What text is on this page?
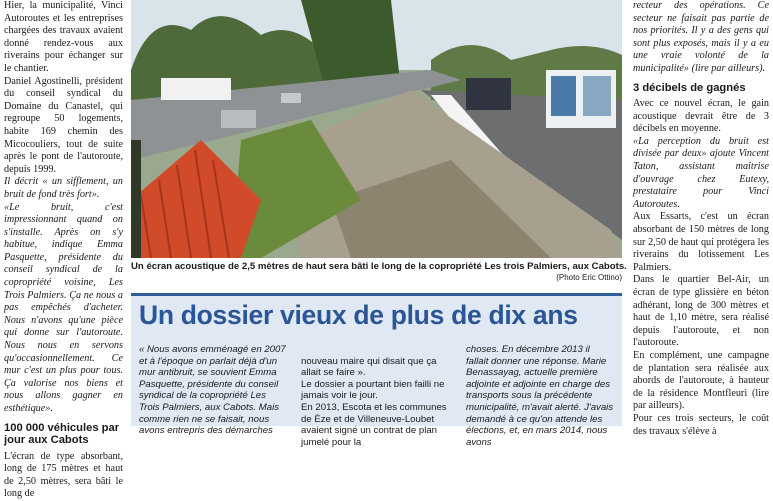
Hier, la municipalité, Vinci Autoroutes et les entreprises chargées des travaux avaient donné rendez-vous aux riverains pour échanger sur le chantier.

Daniel Agostinelli, président du conseil syndical du Domaine du Canastel, qui regroupe 50 logements, habite 169 chemin des Micocouliers, tout de suite après le pont de l'autoroute, depuis 1999.

Il décrit « un sifflement, un bruit de fond très fort».

«Le bruit, c'est impressionnant quand on s'installe. Après on s'y habitue, indique Emma Pasquette, présidente du conseil syndical de la copropriété voisine, Les Trois Palmiers. Ça ne nous a pas empêchés d'acheter. Nous n'avons qu'une pièce qui donne sur l'autoroute. Nous nous en servons qu'occasionnellement. Ce mur c'est un plus pour tous. Ça valorise nos biens et nous allons gagner en esthétique».

100 000 véhicules par jour aux Cabots

L'écran de type absorbant, long de 175 mètres et haut de 2,50 mètres, sera bâti le long de

Un écran acoustique de 2,5 mètres de haut sera bâti le long de la copropriété Les trois Palmiers, aux Cabots.
(Photo Eric Ottino)
Un dossier vieux de plus de dix ans

« Nous avons emménagé en 2007 et à l'époque on parlait déjà d'un mur antibruit, se souvient Emma Pasquette, présidente du conseil syndical de la copropriété Les Trois Palmiers, aux Cabots. Mais comme rien ne se faisait, nous avons entrepris des démarches

nouveau maire qui disait que ça allait se faire ».
Le dossier a pourtant bien failli ne jamais voir le jour.
En 2013, Escota et les communes de Èze et de Villeneuve-Loubet avaient signé un contrat de plan jumelé pour la

choses. En décembre 2013 il fallait donner une réponse. Marie Benassayag, actuelle première adjointe et adjointe en charge des transports sous la précédente municipalité, m'avait alerté. J'avais demandé à ce qu'on attende les élections, et, en mars 2014, nous avons

recteur des opérations. Ce secteur ne faisait pas partie de nos priorités. Il y a des gens qui sont plus exposés, mais il y a eu une vraie volonté de la municipalité» (lire par ailleurs).

3 décibels de gagnés

Avec ce nouvel écran, le gain acoustique devrait être de 3 décibels en moyenne.

«La perception du bruit est divisée par deux» ajoute Vincent Taton, assistant maîtrise d'ouvrage chez Eutexy, prestataire pour Vinci Autoroutes.

Aux Essarts, c'est un écran absorbant de 150 mètres de long sur 2,50 de haut qui protégera les riverains du lotissement Les Palmiers.

Dans le quartier Bel-Air, un écran de type glissière en béton adhérant, long de 300 mètres et haut de 1,10 mètre, sera réalisé depuis l'autoroute, et non l'autoroute.

En complément, une campagne de plantation sera réalisée aux abords de l'autoroute, à hauteur de la résidence Montfleuri (lire par ailleurs).

Pour ces trois secteurs, le coût des travaux s'élève à
